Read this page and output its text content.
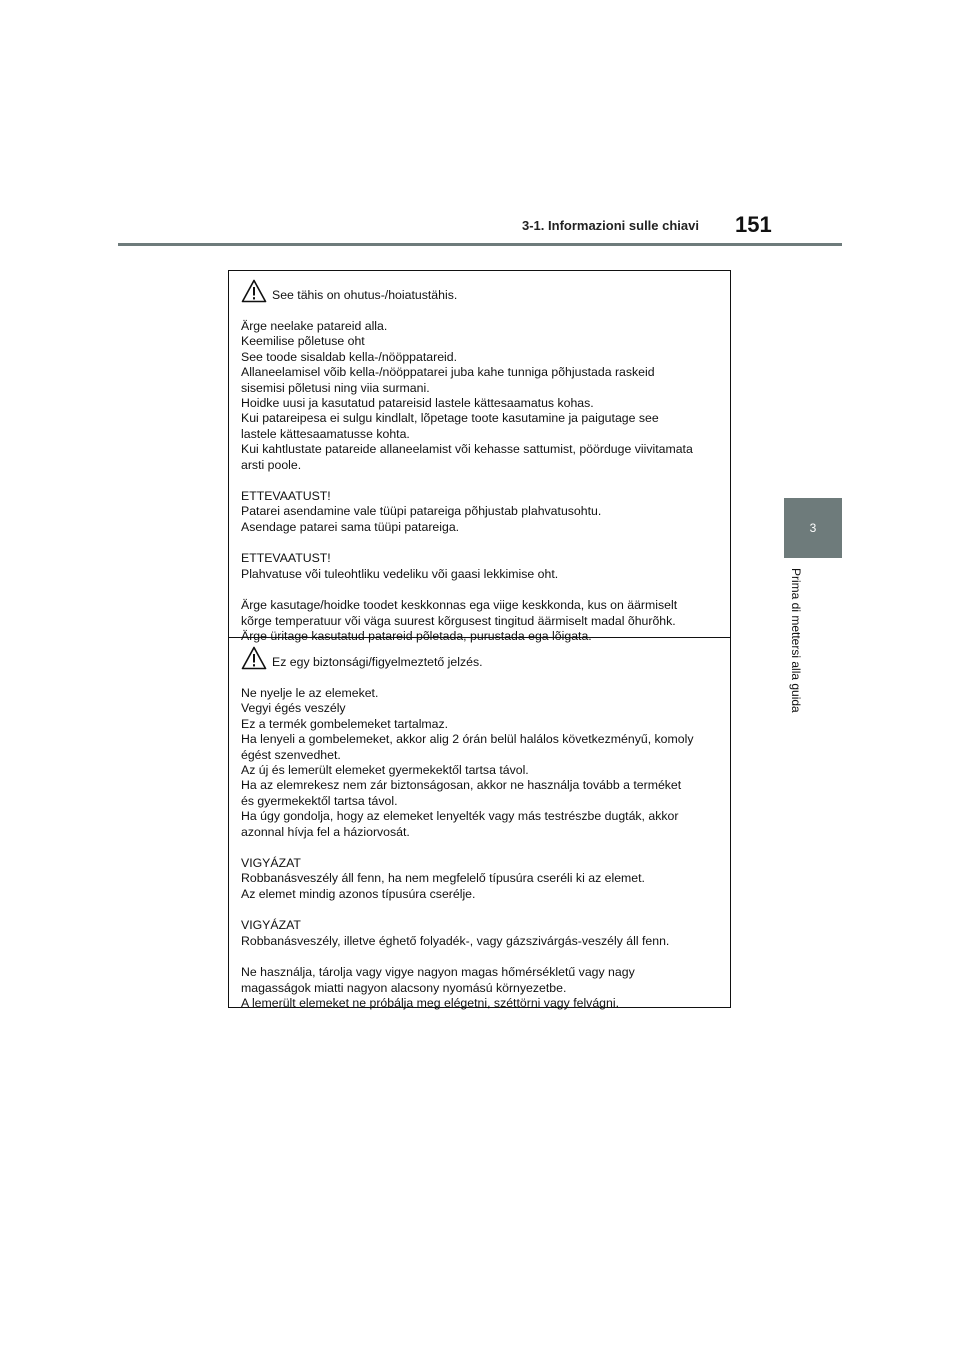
3-1. Informazioni sulle chiavi 151
3
Prima di mettersi alla guida
See tähis on ohutus-/hoiatustähis.

Ärge neelake patareid alla.
Keemilise põletuse oht
See toode sisaldab kella-/nööppatareid.
Allaneelamisel võib kella-/nööppatarei juba kahe tunniga põhjustada raskeid
sisemisi põletusi ning viia surmani.
Hoidke uusi ja kasutatud patareisid lastele kättesaamatus kohas.
Kui patareipesa ei sulgu kindlalt, lõpetage toote kasutamine ja paigutage see
lastele kättesaamatusse kohta.
Kui kahtlustate patareide allaneelamist või kehasse sattumist, pöörduge viivitamata
arsti poole.

ETTEVAATUST!
Patarei asendamine vale tüüpi patareiga põhjustab plahvatusohtu.
Asendage patarei sama tüüpi patareiga.

ETTEVAATUST!
Plahvatuse või tuleohtliku vedeliku või gaasi lekkimise oht.

Ärge kasutage/hoidke toodet keskkonnas ega viige keskkonda, kus on äärmiselt
kõrge temperatuur või väga suurest kõrgusest tingitud äärmiselt madal õhurõhk.
Ärge üritage kasutatud patareid põletada, purustada ega lõigata.

Ez egy biztonsági/figyelmeztető jelzés.

Ne nyelje le az elemeket.
Vegyi égés veszély
Ez a termék gombelemeket tartalmaz.
Ha lenyeli a gombelemeket, akkor alig 2 órán belül halálos következményű, komoly
égést szenvedhet.
Az új és lemerült elemeket gyermekektől tartsa távol.
Ha az elemrekesz nem zár biztonságosan, akkor ne használja tovább a terméket
és gyermekektől tartsa távol.
Ha úgy gondolja, hogy az elemeket lenyelték vagy más testrészbe dugták, akkor
azonnal hívja fel a háziorvosát.

VIGYÁZAT
Robbanásveszély áll fenn, ha nem megfelelő típusúra cseréli ki az elemet.
Az elemet mindig azonos típusúra cserélje.

VIGYÁZAT
Robbanásveszély, illetve éghető folyadék-, vagy gázszivárgás-veszély áll fenn.

Ne használja, tárolja vagy vigye nagyon magas hőmérsékletű vagy nagy
magasságok miatti nagyon alacsony nyomású környezetbe.
A lemerült elemeket ne próbálja meg elégetni, széttörni vagy felvágni.
